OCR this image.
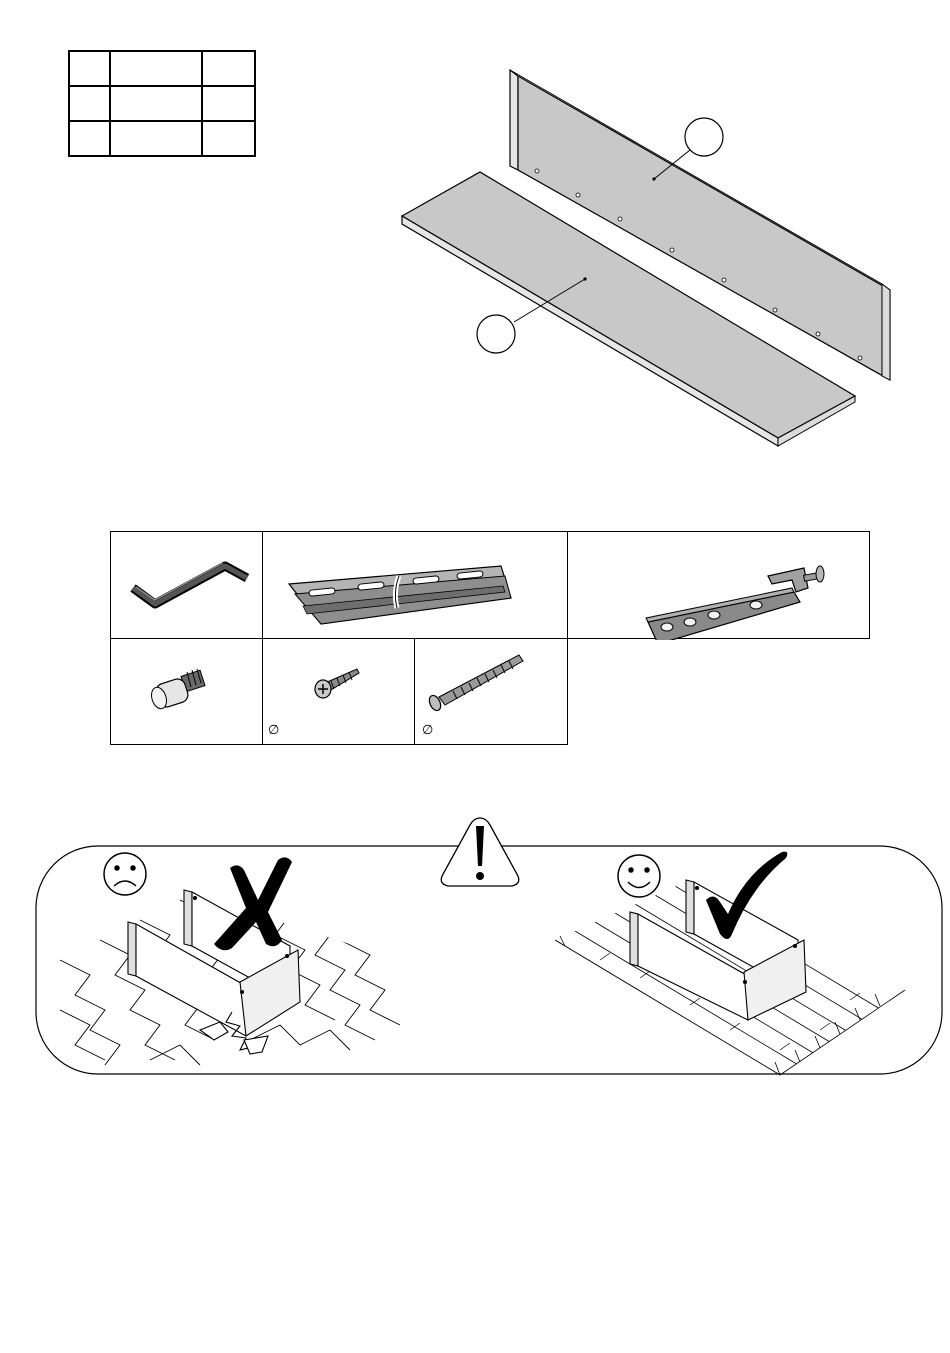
∅	∅
